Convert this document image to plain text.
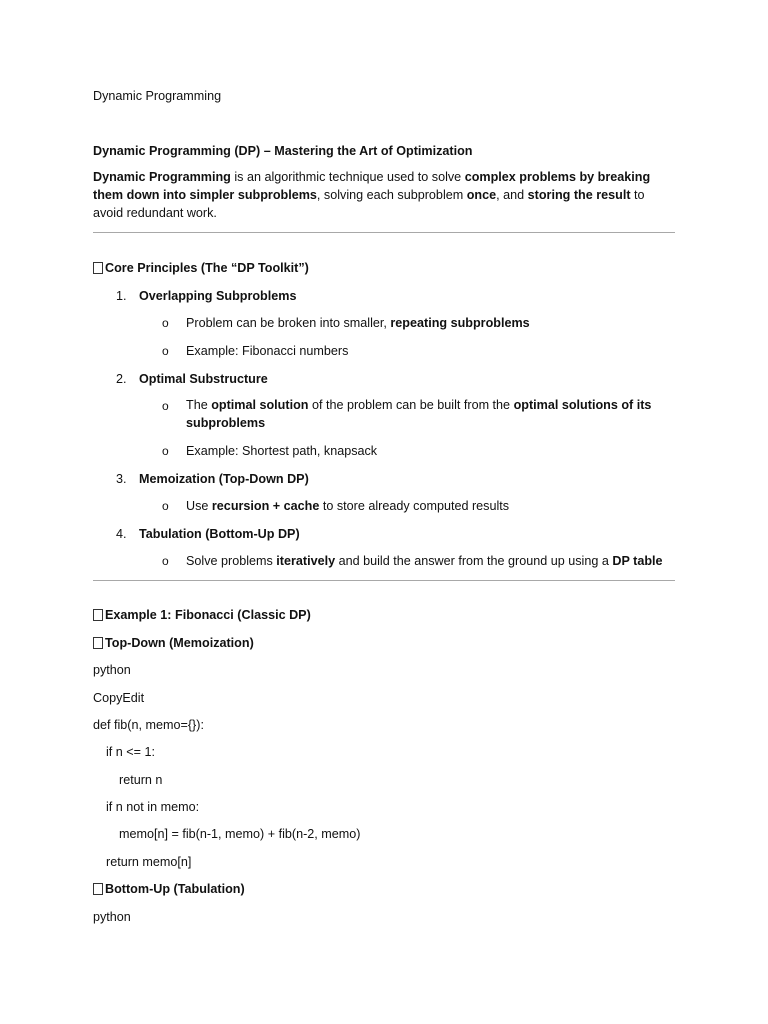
Dynamic Programming
Dynamic Programming (DP) – Mastering the Art of Optimization
Dynamic Programming is an algorithmic technique used to solve complex problems by breaking them down into simpler subproblems, solving each subproblem once, and storing the result to avoid redundant work.
Core Principles (The “DP Toolkit”)
1. Overlapping Subproblems
o Problem can be broken into smaller, repeating subproblems
o Example: Fibonacci numbers
2. Optimal Substructure
o The optimal solution of the problem can be built from the optimal solutions of its subproblems
o Example: Shortest path, knapsack
3. Memoization (Top-Down DP)
o Use recursion + cache to store already computed results
4. Tabulation (Bottom-Up DP)
o Solve problems iteratively and build the answer from the ground up using a DP table
Example 1: Fibonacci (Classic DP)
Top-Down (Memoization)
python
CopyEdit
def fib(n, memo={}):
if n <= 1:
return n
if n not in memo:
memo[n] = fib(n-1, memo) + fib(n-2, memo)
return memo[n]
Bottom-Up (Tabulation)
python
